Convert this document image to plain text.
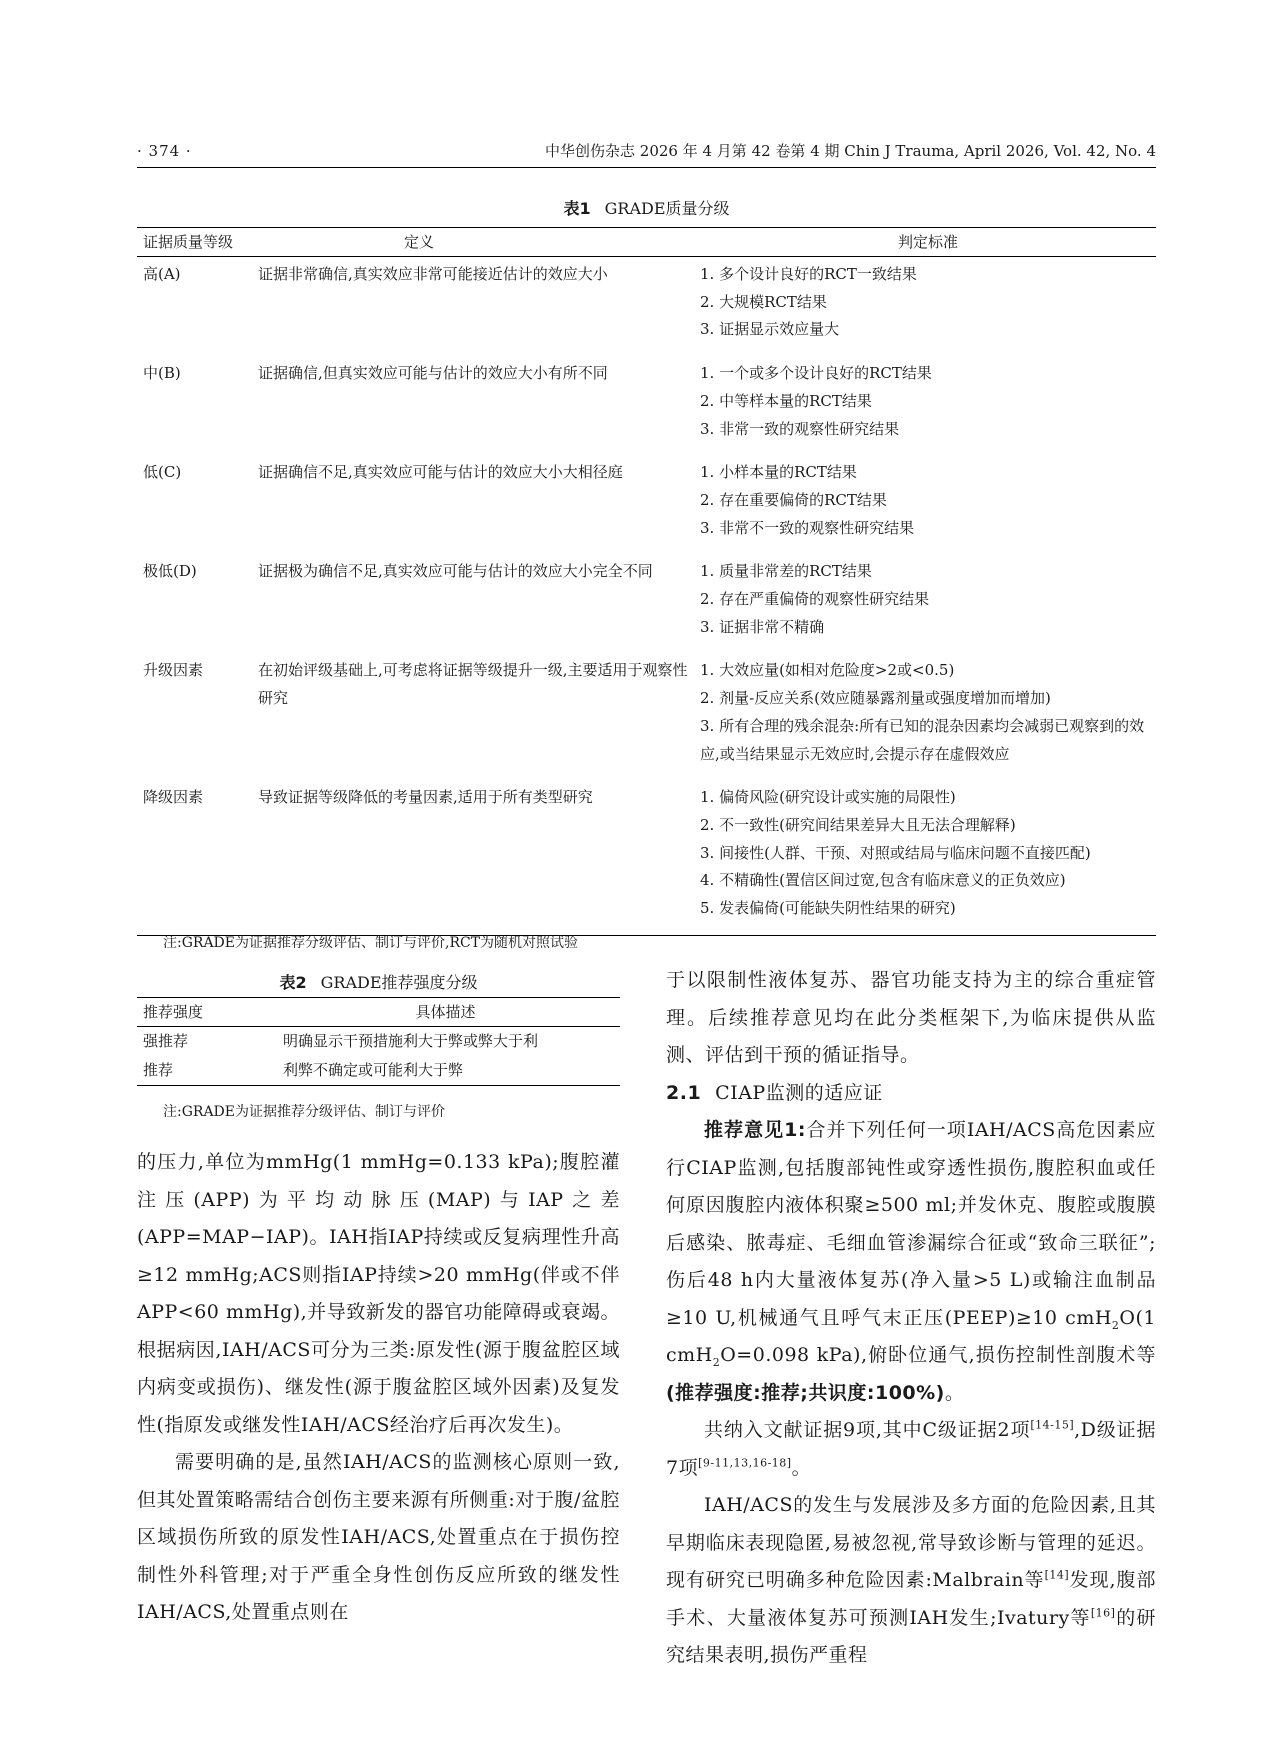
· 374 ·	中华创伤杂志 2026 年 4 月第 42 卷第 4 期 Chin J Trauma, April 2026, Vol. 42, No. 4
表1 GRADE质量分级
证据质量等级	定义	判定标准
高(A)	证据非常确信,真实效应非常可能接近估计的效应大小	1. 多个设计良好的RCT一致结果
2. 大规模RCT结果
3. 证据显示效应量大

中(B)	证据确信,但真实效应可能与估计的效应大小有所不同	1. 一个或多个设计良好的RCT结果
2. 中等样本量的RCT结果
3. 非常一致的观察性研究结果

低(C)	证据确信不足,真实效应可能与估计的效应大小大相径庭	1. 小样本量的RCT结果
2. 存在重要偏倚的RCT结果
3. 非常不一致的观察性研究结果

极低(D)	证据极为确信不足,真实效应可能与估计的效应大小完全不同	1. 质量非常差的RCT结果
2. 存在严重偏倚的观察性研究结果
3. 证据非常不精确

升级因素	在初始评级基础上,可考虑将证据等级提升一级,主要适用于观察性研究	1. 大效应量(如相对危险度>2或<0.5)
2. 剂量-反应关系(效应随暴露剂量或强度增加而增加)
3. 所有合理的残余混杂:所有已知的混杂因素均会减弱已观察到的效应,或当结果显示无效应时,会提示存在虚假效应

降级因素	导致证据等级降低的考量因素,适用于所有类型研究	1. 偏倚风险(研究设计或实施的局限性)
2. 不一致性(研究间结果差异大且无法合理解释)
3. 间接性(人群、干预、对照或结局与临床问题不直接匹配)
4. 不精确性(置信区间过宽,包含有临床意义的正负效应)
5. 发表偏倚(可能缺失阴性结果的研究)
注:GRADE为证据推荐分级评估、制订与评价,RCT为随机对照试验
表2 GRADE推荐强度分级
推荐强度	具体描述
强推荐	明确显示干预措施利大于弊或弊大于利
推荐	利弊不确定或可能利大于弊
注:GRADE为证据推荐分级评估、制订与评价

的压力,单位为mmHg(1 mmHg=0.133 kPa);腹腔灌注压(APP)为平均动脉压(MAP)与IAP之差(APP=MAP−IAP)。IAH指IAP持续或反复病理性升高≥12 mmHg;ACS则指IAP持续>20 mmHg(伴或不伴APP<60 mmHg),并导致新发的器官功能障碍或衰竭。根据病因,IAH/ACS可分为三类:原发性(源于腹盆腔区域内病变或损伤)、继发性(源于腹盆腔区域外因素)及复发性(指原发或继发性IAH/ACS经治疗后再次发生)。

需要明确的是,虽然IAH/ACS的监测核心原则一致,但其处置策略需结合创伤主要来源有所侧重:对于腹/盆腔区域损伤所致的原发性IAH/ACS,处置重点在于损伤控制性外科管理;对于严重全身性创伤反应所致的继发性IAH/ACS,处置重点则在

于以限制性液体复苏、器官功能支持为主的综合重症管理。后续推荐意见均在此分类框架下,为临床提供从监测、评估到干预的循证指导。

2.1 CIAP监测的适应证

推荐意见1:合并下列任何一项IAH/ACS高危因素应行CIAP监测,包括腹部钝性或穿透性损伤,腹腔积血或任何原因腹腔内液体积聚≥500 ml;并发休克、腹腔或腹膜后感染、脓毒症、毛细血管渗漏综合征或“致命三联征”;伤后48 h内大量液体复苏(净入量>5 L)或输注血制品≥10 U,机械通气且呼气末正压(PEEP)≥10 cmH$_2$O(1 cmH$_2$O=0.098 kPa),俯卧位通气,损伤控制性剖腹术等(推荐强度:推荐;共识度:100%)。

共纳入文献证据9项,其中C级证据2项[14-15],D级证据7项[9-11,13,16-18]。

IAH/ACS的发生与发展涉及多方面的危险因素,且其早期临床表现隐匿,易被忽视,常导致诊断与管理的延迟。现有研究已明确多种危险因素:Malbrain等[14]发现,腹部手术、大量液体复苏可预测IAH发生;Ivatury等[16]的研究结果表明,损伤严重程
